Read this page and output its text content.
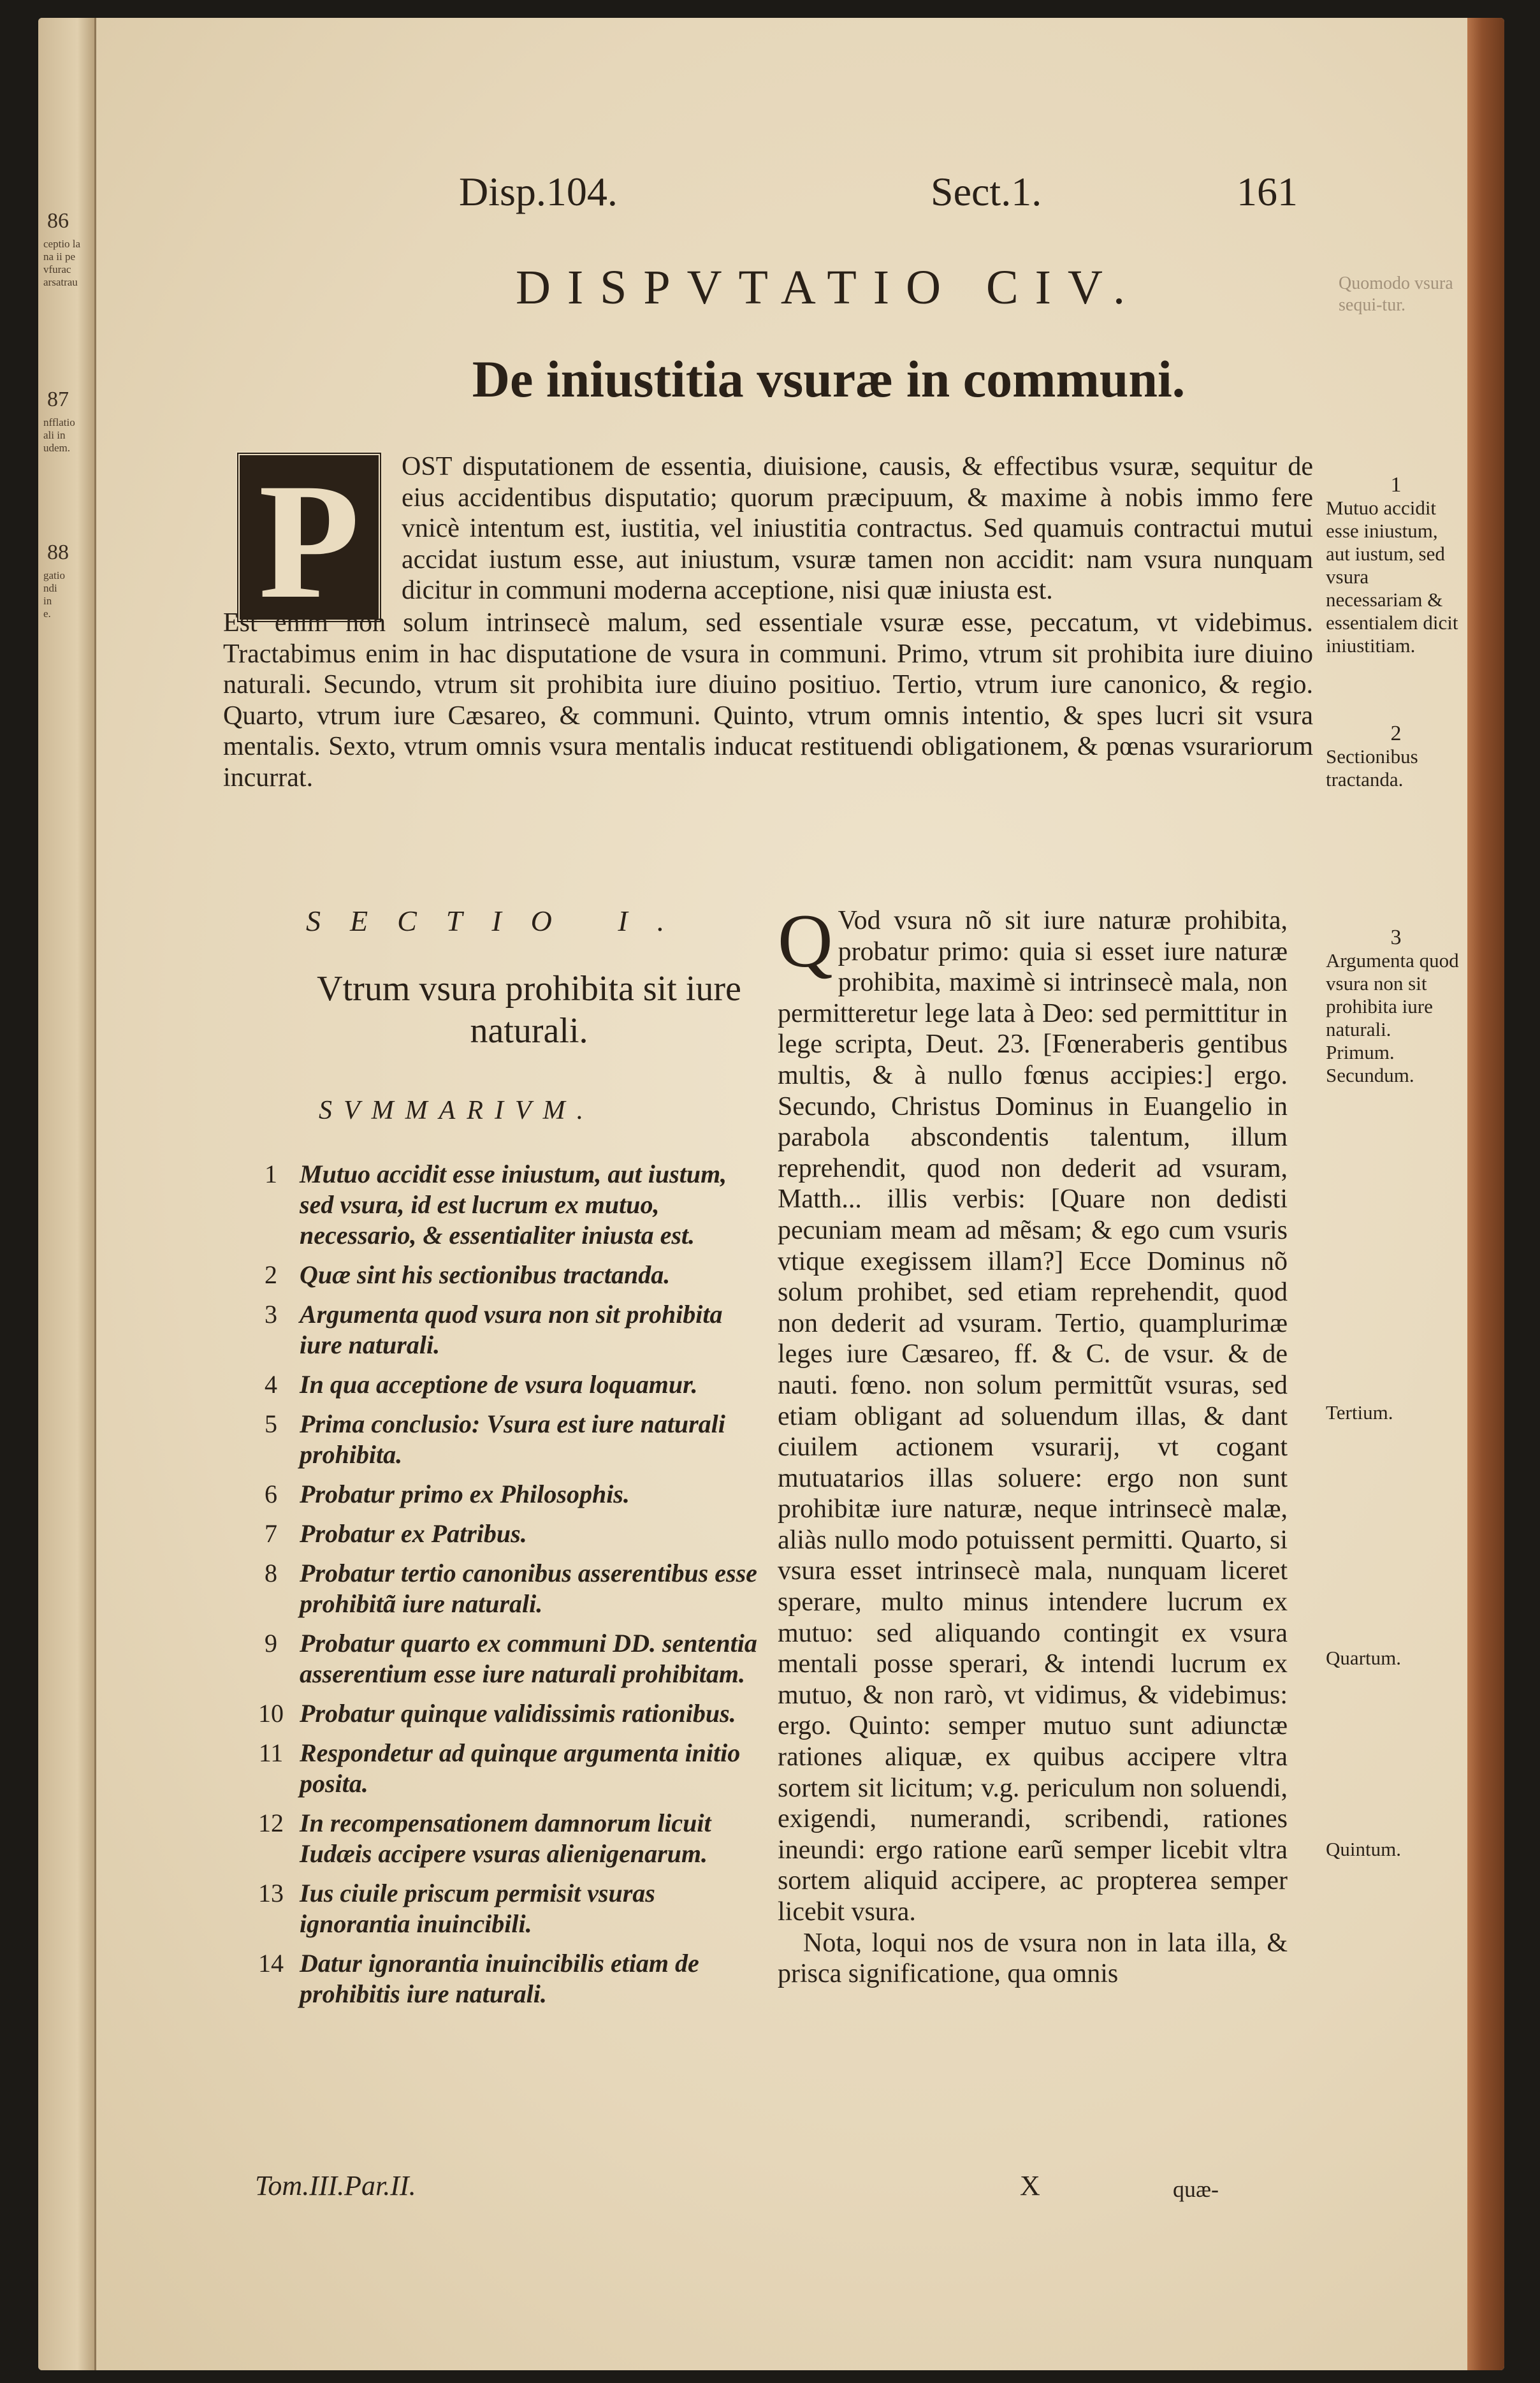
86
ceptio la
na ii pe
vfurac
arsatrau
87
nfflatio
ali in
udem.
88
gatio
ndi
in
e.
Disp.104.	Sect.1.	161
DISPVTATIO CIV.
De iniustitia vsuræ in communi.
Quomodo vsura sequi-tur.
P	OST disputationem de essentia, diuisione, causis, & effectibus vsuræ, sequitur de eius accidentibus disputatio; quorum præcipuum, & maxime à nobis immo fere vnicè intentum est, iustitia, vel iniustitia contractus. Sed quamuis contractui mutui accidat iustum esse, aut iniustum, vsuræ tamen non accidit: nam vsura nunquam dicitur in communi moderna acceptione, nisi quæ iniusta est.
Est enim non solum intrinsecè malum, sed essentiale vsuræ esse, peccatum, vt videbimus. Tractabimus enim in hac disputatione de vsura in communi. Primo, vtrum sit prohibita iure diuino naturali. Secundo, vtrum sit prohibita iure diuino positiuo. Tertio, vtrum iure canonico, & regio. Quarto, vtrum iure Cæsareo, & communi. Quinto, vtrum omnis intentio, & spes lucri sit vsura mentalis. Sexto, vtrum omnis vsura mentalis inducat restituendi obligationem, & pœnas vsurariorum incurrat.
1
Mutuo accidit esse iniustum, aut iustum, sed vsura necessariam & essentialem dicit iniustitiam.
2
Sectionibus tractanda.
3
Argumenta quod vsura non sit prohibita iure naturali.
Primum.
Secundum.
Tertium.
Quartum.
Quintum.
SECTIO I.
Vtrum vsura prohibita sit iure naturali.
SVMMARIVM.
1 Mutuo accidit esse iniustum, aut iustum, sed vsura, id est lucrum ex mutuo, necessario, & essentialiter iniusta est.
2 Quæ sint his sectionibus tractanda.
3 Argumenta quod vsura non sit prohibita iure naturali.
4 In qua acceptione de vsura loquamur.
5 Prima conclusio: Vsura est iure naturali prohibita.
6 Probatur primo ex Philosophis.
7 Probatur ex Patribus.
8 Probatur tertio canonibus asserentibus esse prohibitã iure naturali.
9 Probatur quarto ex communi DD. sententia asserentium esse iure naturali prohibitam.
10 Probatur quinque validissimis rationibus.
11 Respondetur ad quinque argumenta initio posita.
12 In recompensationem damnorum licuit Iudæis accipere vsuras alienigenarum.
13 Ius ciuile priscum permisit vsuras ignorantia inuincibili.
14 Datur ignorantia inuincibilis etiam de prohibitis iure naturali.

Q Vod vsura nõ sit iure naturæ prohibita, probatur primo: quia si esset iure naturæ prohibita, maximè si intrinsecè mala, non permitteretur lege lata à Deo: sed permittitur in lege scripta, Deut. 23. [Fœneraberis gentibus multis, & à nullo fœnus accipies:] ergo. Secundo, Christus Dominus in Euangelio in parabola abscondentis talentum, illum reprehendit, quod non dederit ad vsuram, Matth... illis verbis: [Quare non dedisti pecuniam meam ad mẽsam; & ego cum vsuris vtique exegissem illam?] Ecce Dominus nõ solum prohibet, sed etiam reprehendit, quod non dederit ad vsuram. Tertio, quamplurimæ leges iure Cæsareo, ff. & C. de vsur. & de nauti. fœno. non solum permittũt vsuras, sed etiam obligant ad soluendum illas, & dant ciuilem actionem vsurarij, vt cogant mutuatarios illas soluere: ergo non sunt prohibitæ iure naturæ, neque intrinsecè malæ, aliàs nullo modo potuissent permitti. Quarto, si vsura esset intrinsecè mala, nunquam liceret sperare, multo minus intendere lucrum ex mutuo: sed aliquando contingit ex vsura mentali posse sperari, & intendi lucrum ex mutuo, & non rarò, vt vidimus, & videbimus: ergo. Quinto: semper mutuo sunt adiunctæ rationes aliquæ, ex quibus accipere vltra sortem sit licitum; v.g. periculum non soluendi, exigendi, numerandi, scribendi, rationes ineundi: ergo ratione earũ semper licebit vltra sortem aliquid accipere, ac propterea semper licebit vsura.

Nota, loqui nos de vsura non in lata illa, & prisca significatione, qua omnis

Tom.III.Par.II.	X	quæ-
